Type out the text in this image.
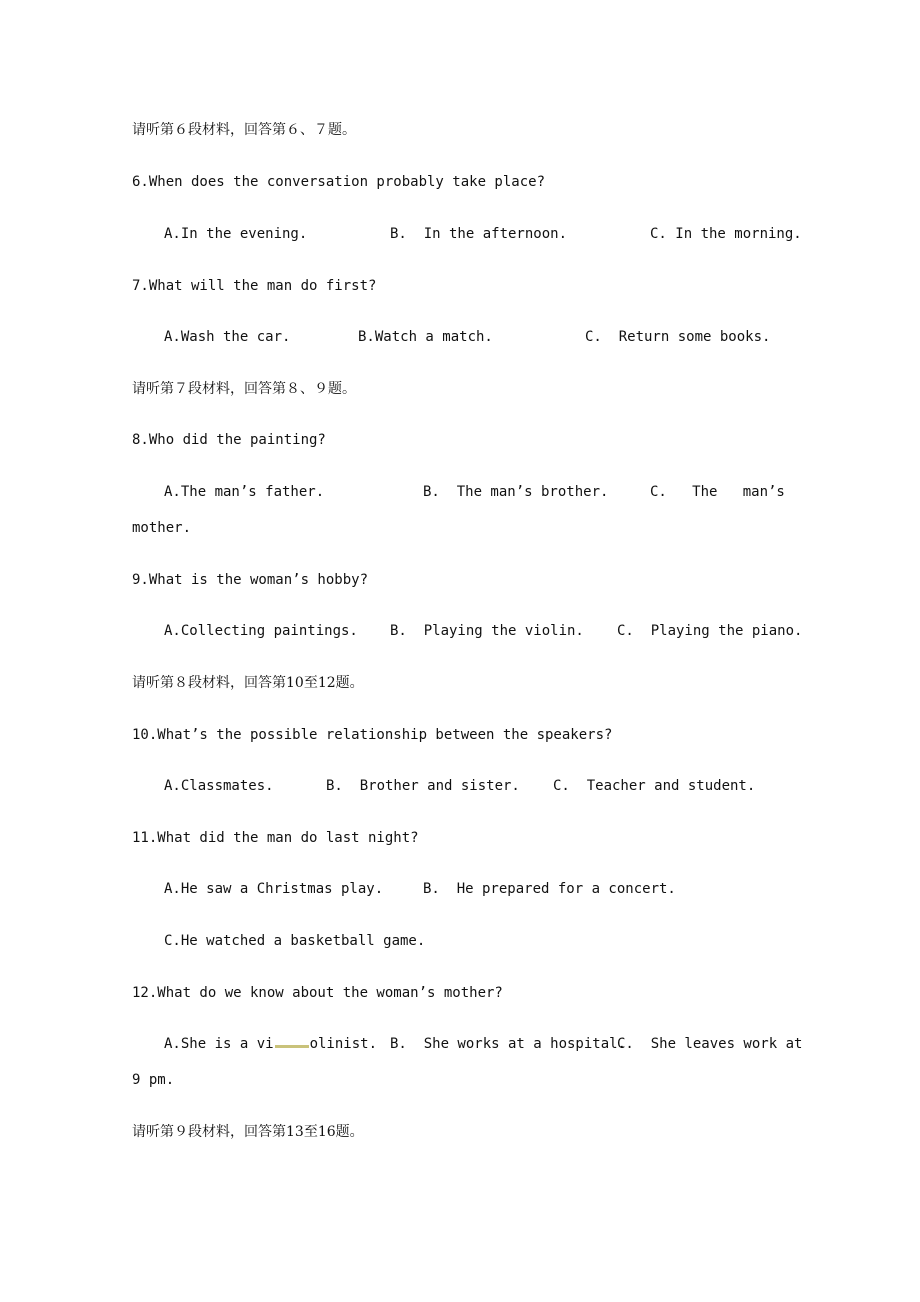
请听第６段材料，回答第６、７题。
6.When does the conversation probably take place?
A.In the evening.	B.  In the afternoon.	C. In the morning.
7.What will the man do first?
A.Wash the car.	B.Watch a match.	C.  Return some books.
请听第７段材料，回答第８、９题。
8.Who did the painting?
A.The man’s father.	B.  The man’s brother.	C.   The   man’s
mother.
9.What is the woman’s hobby?
A.Collecting paintings. B.  Playing the violin. C.  Playing the piano.
请听第８段材料，回答第10至12题。
10.What’s the possible relationship between the speakers?
A.Classmates.	B.  Brother and sister. C.  Teacher and student.
11.What did the man do last night?
A.He saw a Christmas play.	B.  He prepared for a concert.
C.He watched a basketball game.
12.What do we know about the woman’s mother?
A.She is a vi	olinist. B.  She works at a hospital.
C.  She leaves work at
9 pm.
请听第９段材料，回答第13至16题。
